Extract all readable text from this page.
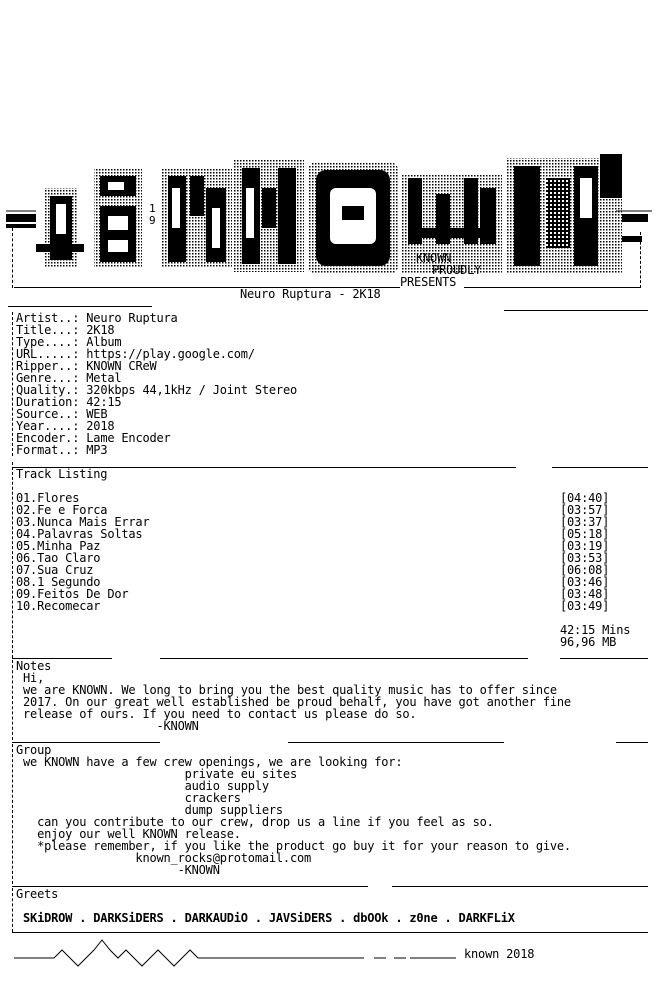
1
9
KNOWN
PROUDLY
PRESENTS
Neuro Ruptura - 2K18
Artist..: Neuro Ruptura
Title...: 2K18
Type....: Album
URL.....: https://play.google.com/
Ripper..: KNOWN CReW
Genre...: Metal
Quality.: 320kbps 44,1kHz / Joint Stereo
Duration: 42:15
Source..: WEB
Year....: 2018
Encoder.: Lame Encoder
Format..: MP3
Track Listing
01.Flores	[04:40]
02.Fe e Forca	[03:57]
03.Nunca Mais Errar	[03:37]
04.Palavras Soltas	[05:18]
05.Minha Paz	[03:19]
06.Tao Claro	[03:53]
07.Sua Cruz	[06:08]
08.1 Segundo	[03:46]
09.Feitos De Dor	[03:48]
10.Recomecar	[03:49]
42:15 Mins
96,96 MB
Notes
Hi,
we are KNOWN. We long to bring you the best quality music has to offer since
2017. On our great well established be proud behalf, you have got another fine
release of ours. If you need to contact us please do so.
-KNOWN
Group
we KNOWN have a few crew openings, we are looking for:
private eu sites
audio supply
crackers
dump suppliers
can you contribute to our crew, drop us a line if you feel as so.
enjoy our well KNOWN release.
*please remember, if you like the product go buy it for your reason to give.
known_rocks@protomail.com
-KNOWN
Greets
SKiDROW . DARKSiDERS . DARKAUDiO . JAVSiDERS . dbOOk . z0ne . DARKFLiX
known 2018
